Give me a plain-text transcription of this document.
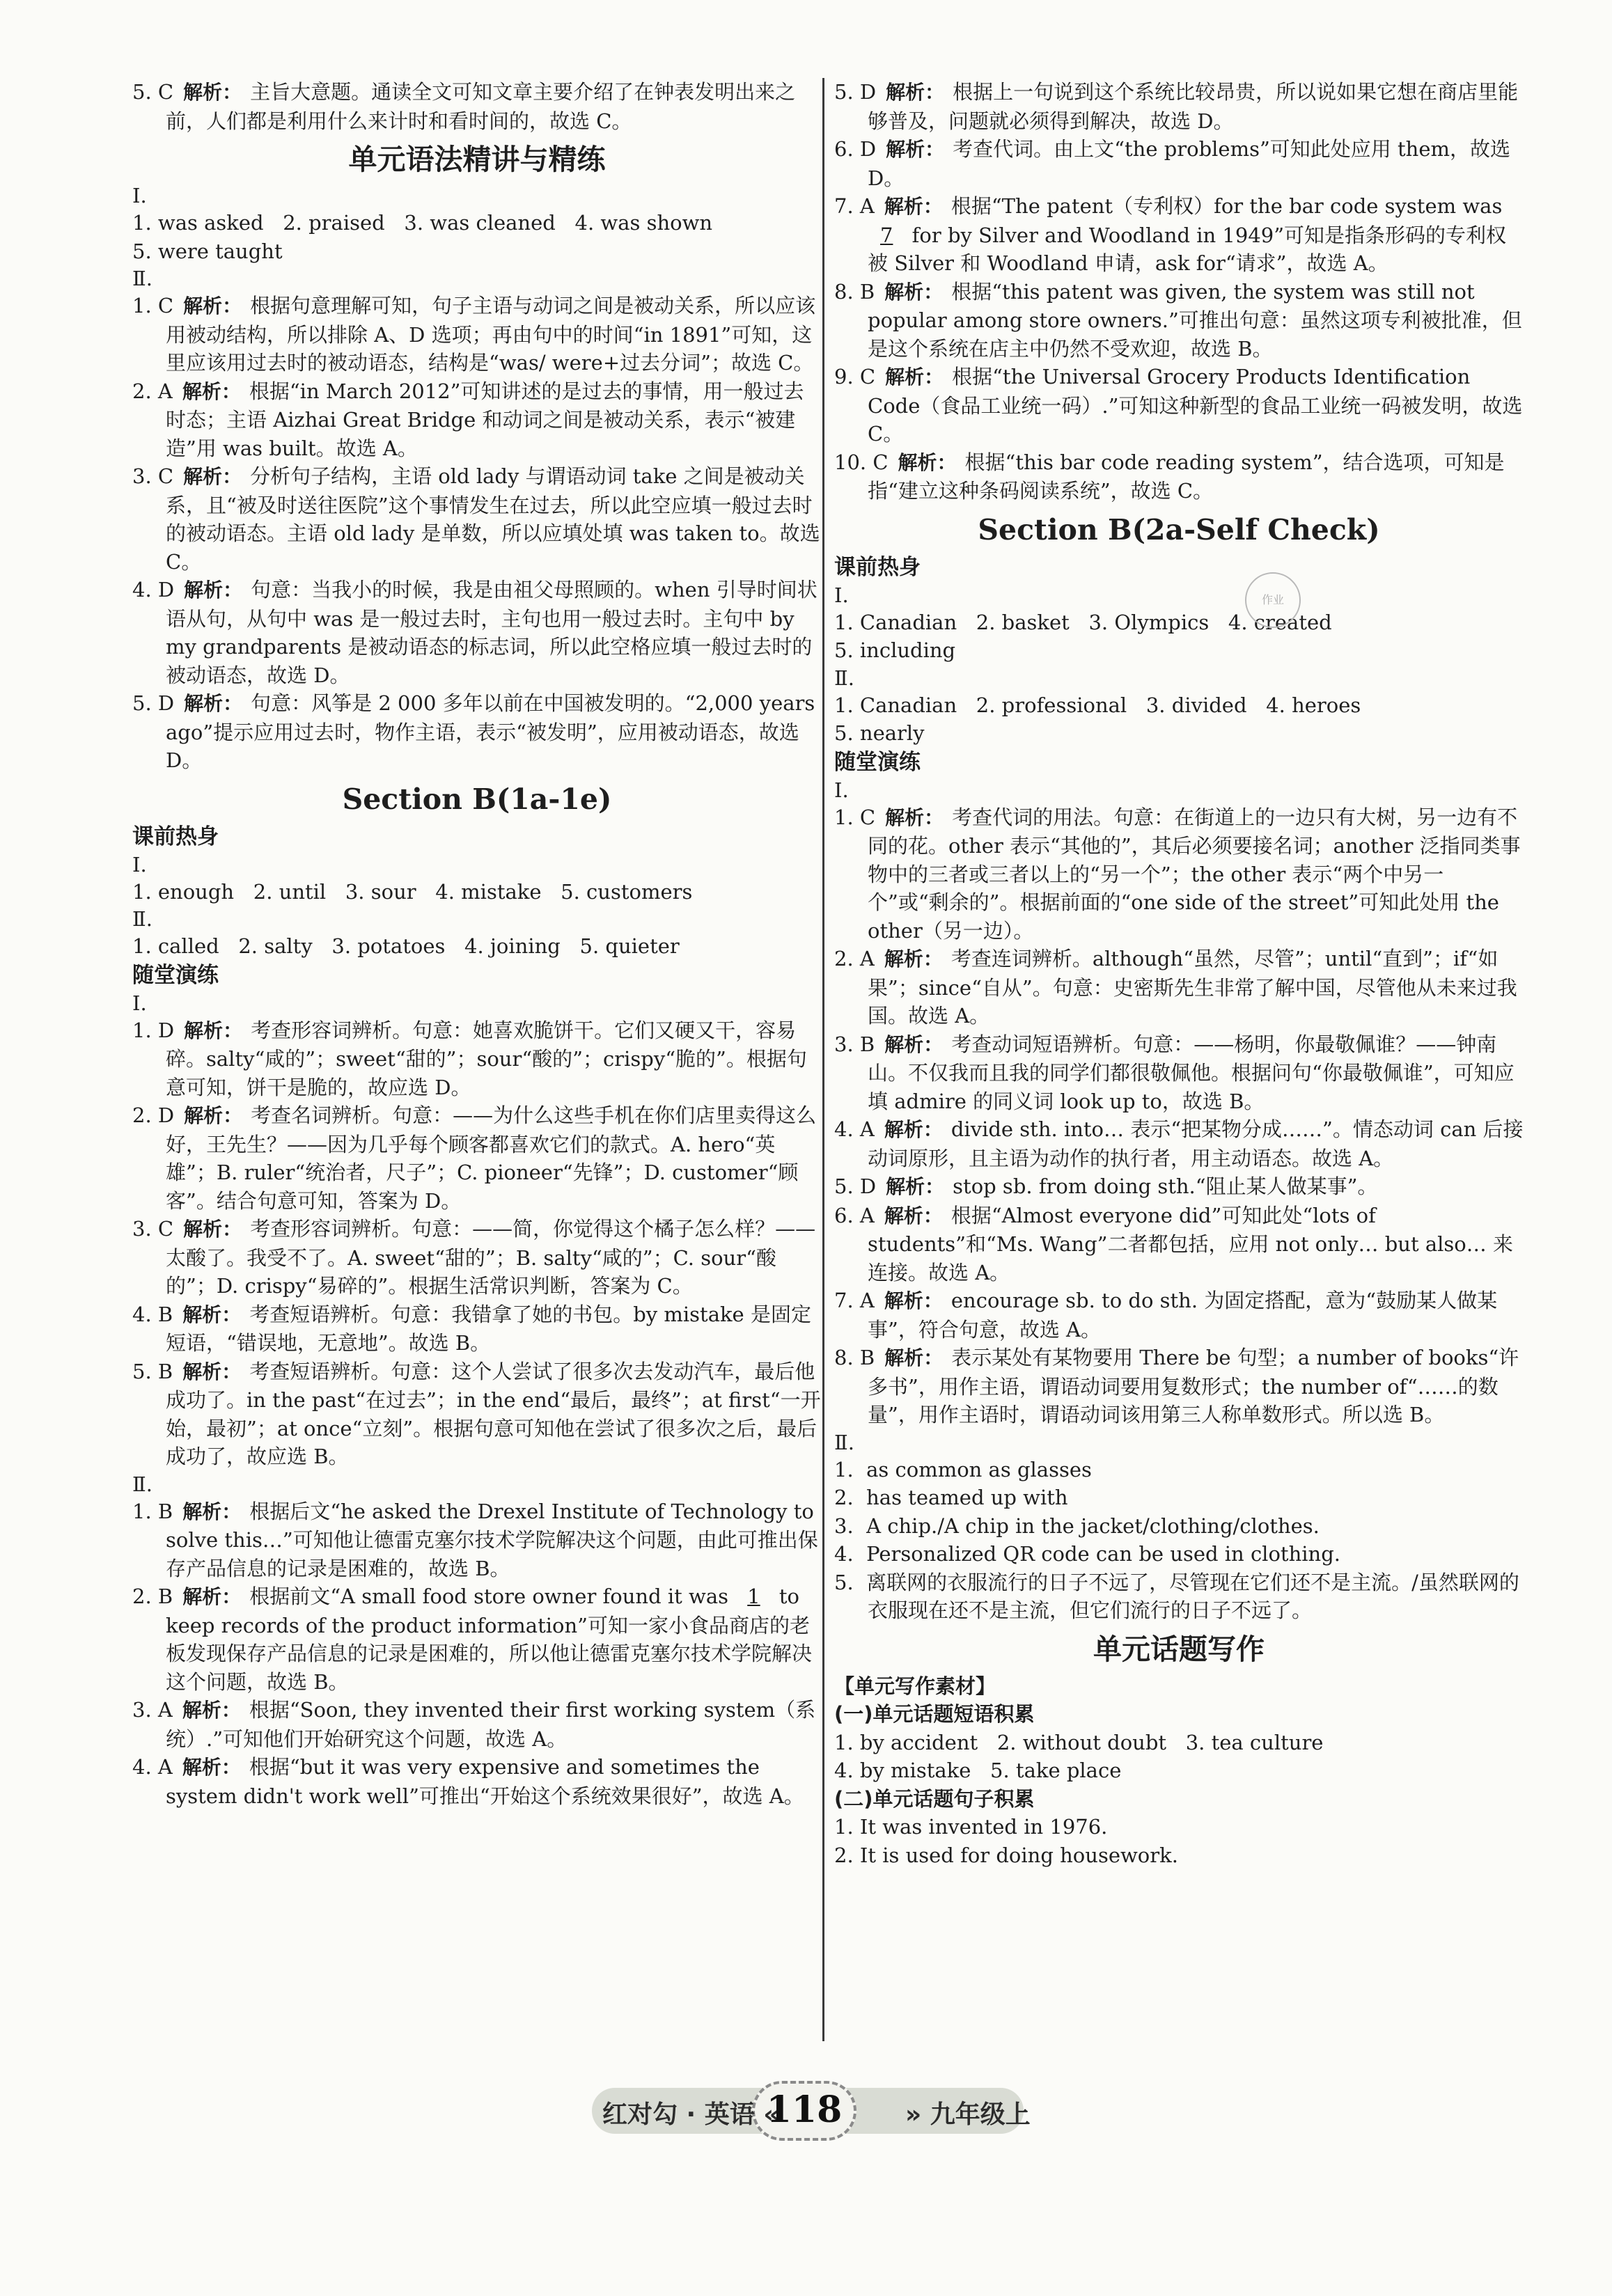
5. C 解析： 主旨大意题。通读全文可知文章主要介绍了在钟表发明出来之前，人们都是利用什么来计时和看时间的，故选 C。
单元语法精讲与精练
Ⅰ.
1. was asked   2. praised   3. was cleaned   4. was shown
5. were taught
Ⅱ.
1. C 解析： 根据句意理解可知，句子主语与动词之间是被动关系，所以应该用被动结构，所以排除 A、D 选项；再由句中的时间“in 1891”可知，这里应该用过去时的被动语态，结构是“was/ were+过去分词”；故选 C。
2. A 解析： 根据“in March 2012”可知讲述的是过去的事情，用一般过去时态；主语 Aizhai Great Bridge 和动词之间是被动关系，表示“被建造”用 was built。故选 A。
3. C 解析： 分析句子结构，主语 old lady 与谓语动词 take 之间是被动关系，且“被及时送往医院”这个事情发生在过去，所以此空应填一般过去时的被动语态。主语 old lady 是单数，所以应填处填 was taken to。故选 C。
4. D 解析： 句意：当我小的时候，我是由祖父母照顾的。when 引导时间状语从句，从句中 was 是一般过去时，主句也用一般过去时。主句中 by my grandparents 是被动语态的标志词，所以此空格应填一般过去时的被动语态，故选 D。
5. D 解析： 句意：风筝是 2 000 多年以前在中国被发明的。“2,000 years ago”提示应用过去时，物作主语，表示“被发明”，应用被动语态，故选 D。
Section B(1a-1e)
课前热身
Ⅰ.
1. enough   2. until   3. sour   4. mistake   5. customers
Ⅱ.
1. called   2. salty   3. potatoes   4. joining   5. quieter
随堂演练
Ⅰ.
1. D 解析： 考查形容词辨析。句意：她喜欢脆饼干。它们又硬又干，容易碎。salty“咸的”；sweet“甜的”；sour“酸的”；crispy“脆的”。根据句意可知，饼干是脆的，故应选 D。
2. D 解析： 考查名词辨析。句意：——为什么这些手机在你们店里卖得这么好，王先生？——因为几乎每个顾客都喜欢它们的款式。A. hero“英雄”；B. ruler“统治者，尺子”；C. pioneer“先锋”；D. customer“顾客”。结合句意可知，答案为 D。
3. C 解析： 考查形容词辨析。句意：——简，你觉得这个橘子怎么样？——太酸了。我受不了。A. sweet“甜的”；B. salty“咸的”；C. sour“酸的”；D. crispy“易碎的”。根据生活常识判断，答案为 C。
4. B 解析： 考查短语辨析。句意：我错拿了她的书包。by mistake 是固定短语，“错误地，无意地”。故选 B。
5. B 解析： 考查短语辨析。句意：这个人尝试了很多次去发动汽车，最后他成功了。in the past“在过去”；in the end“最后，最终”；at first“一开始，最初”；at once“立刻”。根据句意可知他在尝试了很多次之后，最后成功了，故应选 B。
Ⅱ.
1. B 解析： 根据后文“he asked the Drexel Institute of Technology to solve this…”可知他让德雷克塞尔技术学院解决这个问题，由此可推出保存产品信息的记录是困难的，故选 B。
2. B 解析： 根据前文“A small food store owner found it was 1 to keep records of the product information”可知一家小食品商店的老板发现保存产品信息的记录是困难的，所以他让德雷克塞尔技术学院解决这个问题，故选 B。
3. A 解析： 根据“Soon, they invented their first working system（系统）.”可知他们开始研究这个问题，故选 A。
4. A 解析： 根据“but it was very expensive and sometimes the system didn't work well”可推出“开始这个系统效果很好”，故选 A。
5. D 解析： 根据上一句说到这个系统比较昂贵，所以说如果它想在商店里能够普及，问题就必须得到解决，故选 D。
6. D 解析： 考查代词。由上文“the problems”可知此处应用 them，故选 D。
7. A 解析： 根据“The patent（专利权）for the bar code system was 7 for by Silver and Woodland in 1949”可知是指条形码的专利权被 Silver 和 Woodland 申请，ask for“请求”，故选 A。
8. B 解析： 根据“this patent was given, the system was still not popular among store owners.”可推出句意：虽然这项专利被批准，但是这个系统在店主中仍然不受欢迎，故选 B。
9. C 解析： 根据“the Universal Grocery Products Identification Code（食品工业统一码）.”可知这种新型的食品工业统一码被发明，故选 C。
10. C 解析： 根据“this bar code reading system”，结合选项，可知是指“建立这种条码阅读系统”，故选 C。
Section B(2a-Self Check)
课前热身
Ⅰ.
1. Canadian   2. basket   3. Olympics   4. created
5. including
Ⅱ.
1. Canadian   2. professional   3. divided   4. heroes
5. nearly
随堂演练
Ⅰ.
1. C 解析： 考查代词的用法。句意：在街道上的一边只有大树，另一边有不同的花。other 表示“其他的”，其后必须要接名词；another 泛指同类事物中的三者或三者以上的“另一个”；the other 表示“两个中另一个”或“剩余的”。根据前面的“one side of the street”可知此处用 the other（另一边）。
2. A 解析： 考查连词辨析。although“虽然，尽管”；until“直到”；if“如果”；since“自从”。句意：史密斯先生非常了解中国，尽管他从未来过我国。故选 A。
3. B 解析： 考查动词短语辨析。句意：——杨明，你最敬佩谁？——钟南山。不仅我而且我的同学们都很敬佩他。根据问句“你最敬佩谁”，可知应填 admire 的同义词 look up to，故选 B。
4. A 解析： divide sth. into… 表示“把某物分成……”。情态动词 can 后接动词原形，且主语为动作的执行者，用主动语态。故选 A。
5. D 解析： stop sb. from doing sth.“阻止某人做某事”。
6. A 解析： 根据“Almost everyone did”可知此处“lots of students”和“Ms. Wang”二者都包括，应用 not only… but also… 来连接。故选 A。
7. A 解析： encourage sb. to do sth. 为固定搭配，意为“鼓励某人做某事”，符合句意，故选 A。
8. B 解析： 表示某处有某物要用 There be 句型；a number of books“许多书”，用作主语，谓语动词要用复数形式；the number of“……的数量”，用作主语时，谓语动词该用第三人称单数形式。所以选 B。
Ⅱ.
1.  as common as glasses
2.  has teamed up with
3.  A chip./A chip in the jacket/clothing/clothes.
4.  Personalized QR code can be used in clothing.
5.  离联网的衣服流行的日子不远了，尽管现在它们还不是主流。/虽然联网的衣服现在还不是主流，但它们流行的日子不远了。
单元话题写作
【单元写作素材】
(一)单元话题短语积累
1. by accident   2. without doubt   3. tea culture
4. by mistake   5. take place
(二)单元话题句子积累
1. It was invented in 1976.
2. It is used for doing housework.
作业
红对勾 · 英语 «
118	» 九年级上
